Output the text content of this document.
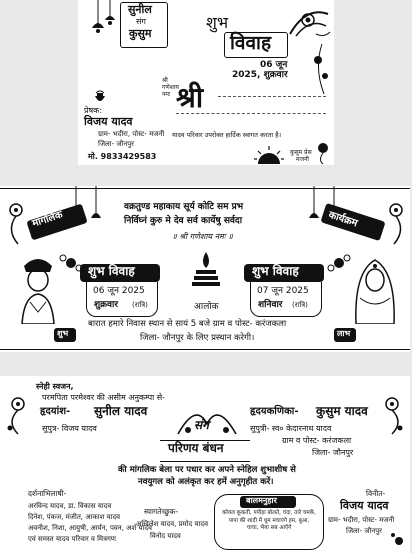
सुनील
संग
कुसुम
शुभ
विवाह
06 जून
2025, शुक्रवार
प्रेषक:
विजय यादव
ग्राम- भदीरा, पोस्ट- मजनी
जिला- जौनपुर
मो. 9833429583
श्री गणेशाय नमः श्री
यादव परिवार उपरोक्त हार्दिक स्वागत करता है।
कुसुम प्रेस
मजनी
मांगलिक	कार्यक्रम
वक्रतुण्ड महाकाय सूर्य कोटि सम प्रभ
निर्विघ्नं कुरु मे देव सर्व कार्येषु सर्वदा
॥ श्री गणेशाय नमः ॥
शुभ	लाभ
शुभ विवाह
06 जून 2025
शुक्रवार (रात्रि)
शुभ विवाह
07 जून 2025
शनिवार (रात्रि)
आलोक
बारात हमारे निवास स्थान से सायं 5 बजे ग्राम व पोस्ट- करंजकला
जिला- जौनपुर के लिए प्रस्थान करेगी।
स्नेही स्वजन,
परमपिता परमेश्वर की असीम अनुकम्पा से-
हृदयांश- सुनील यादव
सुपुत्र- विजय यादव
हृदयकणिका- कुसुम यादव
सुपुत्री- स्व० केदारनाथ यादव
ग्राम व पोस्ट- करंजकला
जिला- जौनपुर
संग
परिणय बंधन
की मांगलिक बेला पर पधार कर अपने स्नेहिल शुभाशीष से
नवयुगल को अलंकृत कर हमें अनुगृहीत करें।
दर्शनाभिलाषी-
अरविन्द यादव, डा. विकास यादव
दिनेश, पंकज, मंजीत, आकाश यादव
अवनीश, निशा, आयुषी, आर्यन, पवन, अर्श यादव
एवं समस्त यादव परिवार व मित्रगण
स्वागतेच्छुक-
अखिलेश यादव, प्रमोद यादव
विनोद यादव
बालमनुहार
कोयल कूकती, पपीहा बोलते, चंदा, तारे चमकें, पापा की शादी में धूम मचाएंगे हम, बुआ, चाचा, भैया सब आएँगे
विनीत-
विजय यादव
ग्राम- भदीरा, पोस्ट- मजनी
जिला- जौनपुर
